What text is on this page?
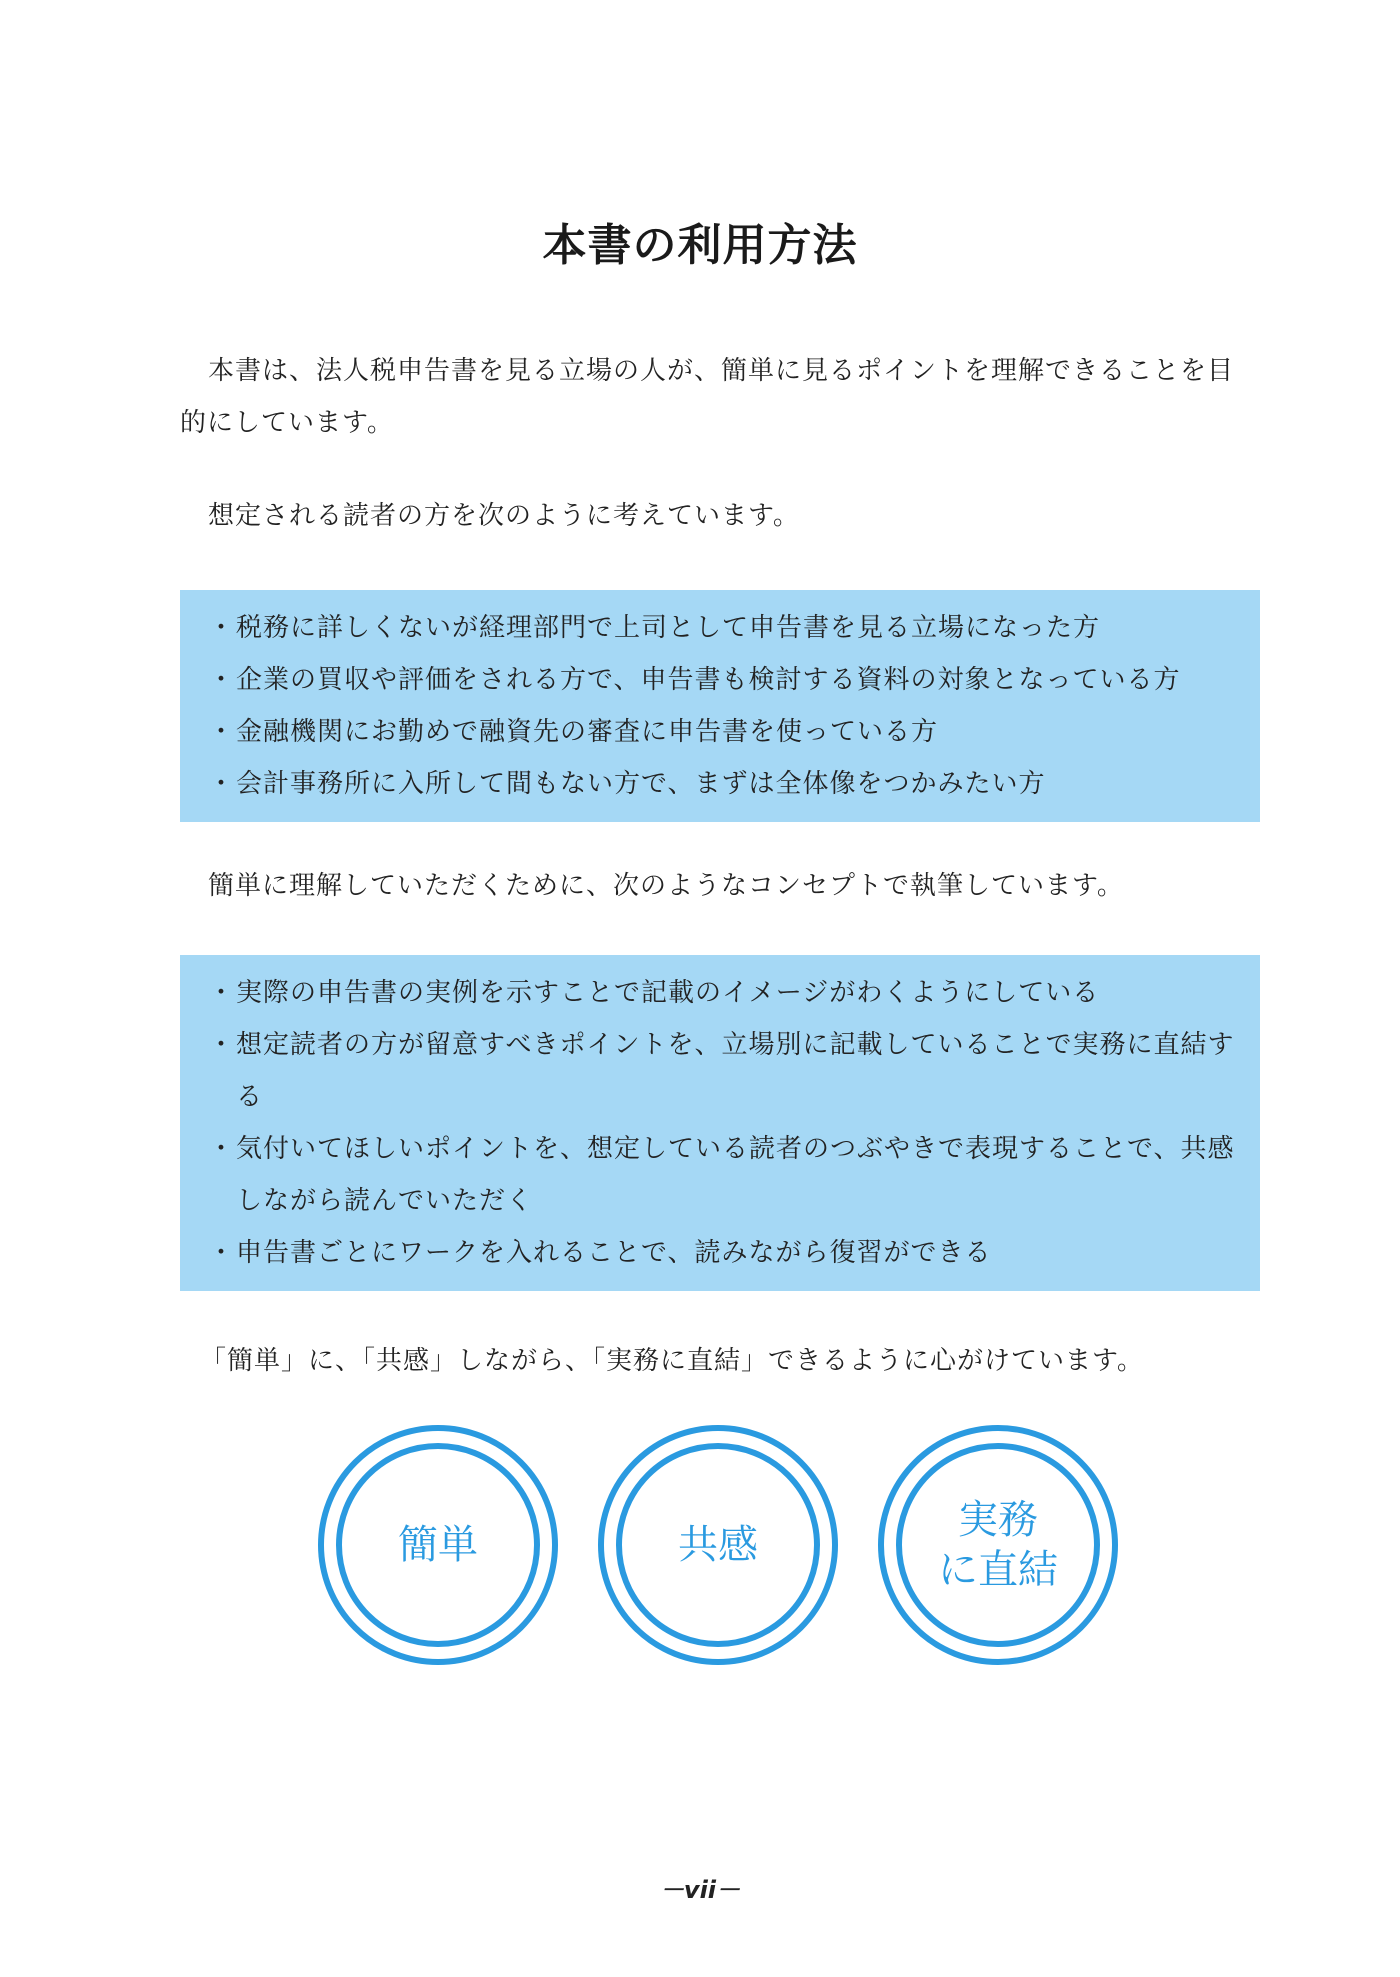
本書の利用方法

本書は、法人税申告書を見る立場の人が、簡単に見るポイントを理解できることを目的にしています。

想定される読者の方を次のように考えています。

・ 税務に詳しくないが経理部門で上司として申告書を見る立場になった方
・ 企業の買収や評価をされる方で、申告書も検討する資料の対象となっている方
・ 金融機関にお勤めで融資先の審査に申告書を使っている方
・ 会計事務所に入所して間もない方で、まずは全体像をつかみたい方

簡単に理解していただくために、次のようなコンセプトで執筆しています。

・ 実際の申告書の実例を示すことで記載のイメージがわくようにしている
・ 想定読者の方が留意すべきポイントを、立場別に記載していることで実務に直結する
・ 気付いてほしいポイントを、想定している読者のつぶやきで表現することで、共感しながら読んでいただく
・ 申告書ごとにワークを入れることで、読みながら復習ができる

「簡単」に、「共感」しながら、「実務に直結」できるように心がけています。

簡単	共感
実務
に直結
－vii－
